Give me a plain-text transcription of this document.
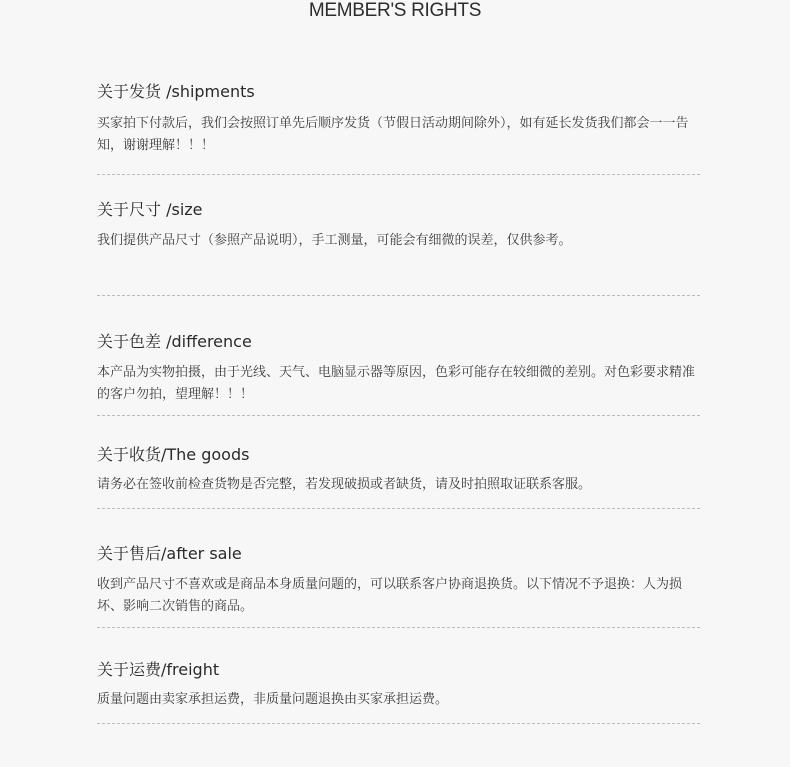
MEMBER'S RIGHTS
关于发货 /shipments

买家拍下付款后，我们会按照订单先后顺序发货（节假日活动期间除外），如有延长发货我们都会一一告知，谢谢理解！！！

关于尺寸 /size

我们提供产品尺寸（参照产品说明），手工测量，可能会有细微的误差，仅供参考。

关于色差 /difference

本产品为实物拍摄，由于光线、天气、电脑显示器等原因，色彩可能存在较细微的差别。对色彩要求精准的客户勿拍，望理解！！！

关于收货/The goods

请务必在签收前检查货物是否完整，若发现破损或者缺货，请及时拍照取证联系客服。

关于售后/after sale

收到产品尺寸不喜欢或是商品本身质量问题的，可以联系客户协商退换货。以下情况不予退换：人为损坏、影响二次销售的商品。

关于运费/freight

质量问题由卖家承担运费，非质量问题退换由买家承担运费。
